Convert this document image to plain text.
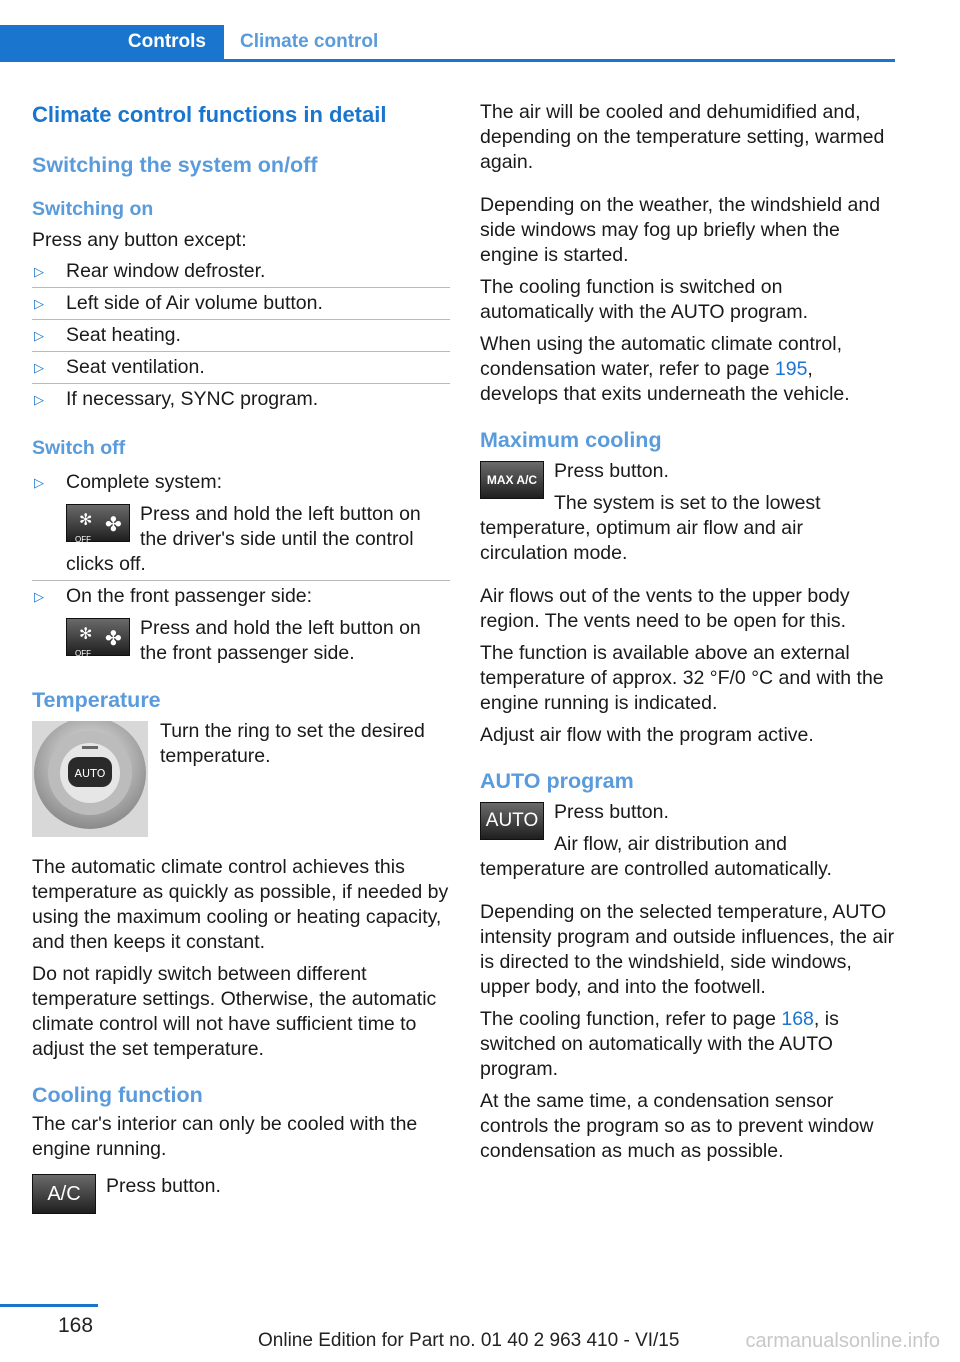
Controls	Climate control
Climate control functions in detail
Switching the system on/off
Switching on

Press any button except:

▷ Rear window defroster.
▷ Left side of Air volume button.
▷ Seat heating.
▷ Seat ventilation.
▷ If necessary, SYNC program.
Switch off
▷ Complete system:
✻
OFF
✤ Press and hold the left button on the driver's side until the control clicks off.
▷ On the front passenger side:
✻
OFF
✤ Press and hold the left button on the front passenger side.
Temperature
AUTO
Turn the ring to set the desired temperature.

The automatic climate control achieves this temperature as quickly as possible, if needed by using the maximum cooling or heating capacity, and then keeps it constant.

Do not rapidly switch between different temperature settings. Otherwise, the automatic climate control will not have sufficient time to adjust the set temperature.

Cooling function

The car's interior can only be cooled with the engine running.

A/C	Press button.

The air will be cooled and dehumidified and, depending on the temperature setting, warmed again.

Depending on the weather, the windshield and side windows may fog up briefly when the engine is started.

The cooling function is switched on automatically with the AUTO program.

When using the automatic climate control, condensation water, refer to page 195, develops that exits underneath the vehicle.

Maximum cooling
MAX A/C Press button.
The system is set to the lowest temperature, optimum air flow and air circulation mode.

Air flows out of the vents to the upper body region. The vents need to be open for this.

The function is available above an external temperature of approx. 32 °F/0 °C and with the engine running is indicated.

Adjust air flow with the program active.

AUTO program
AUTO Press button.
Air flow, air distribution and temperature are controlled automatically.

Depending on the selected temperature, AUTO intensity program and outside influences, the air is directed to the windshield, side windows, upper body, and into the footwell.

The cooling function, refer to page 168, is switched on automatically with the AUTO program.

At the same time, a condensation sensor controls the program so as to prevent window condensation as much as possible.

168
Online Edition for Part no. 01 40 2 963 410 - VI/15	carmanualsonline.info
